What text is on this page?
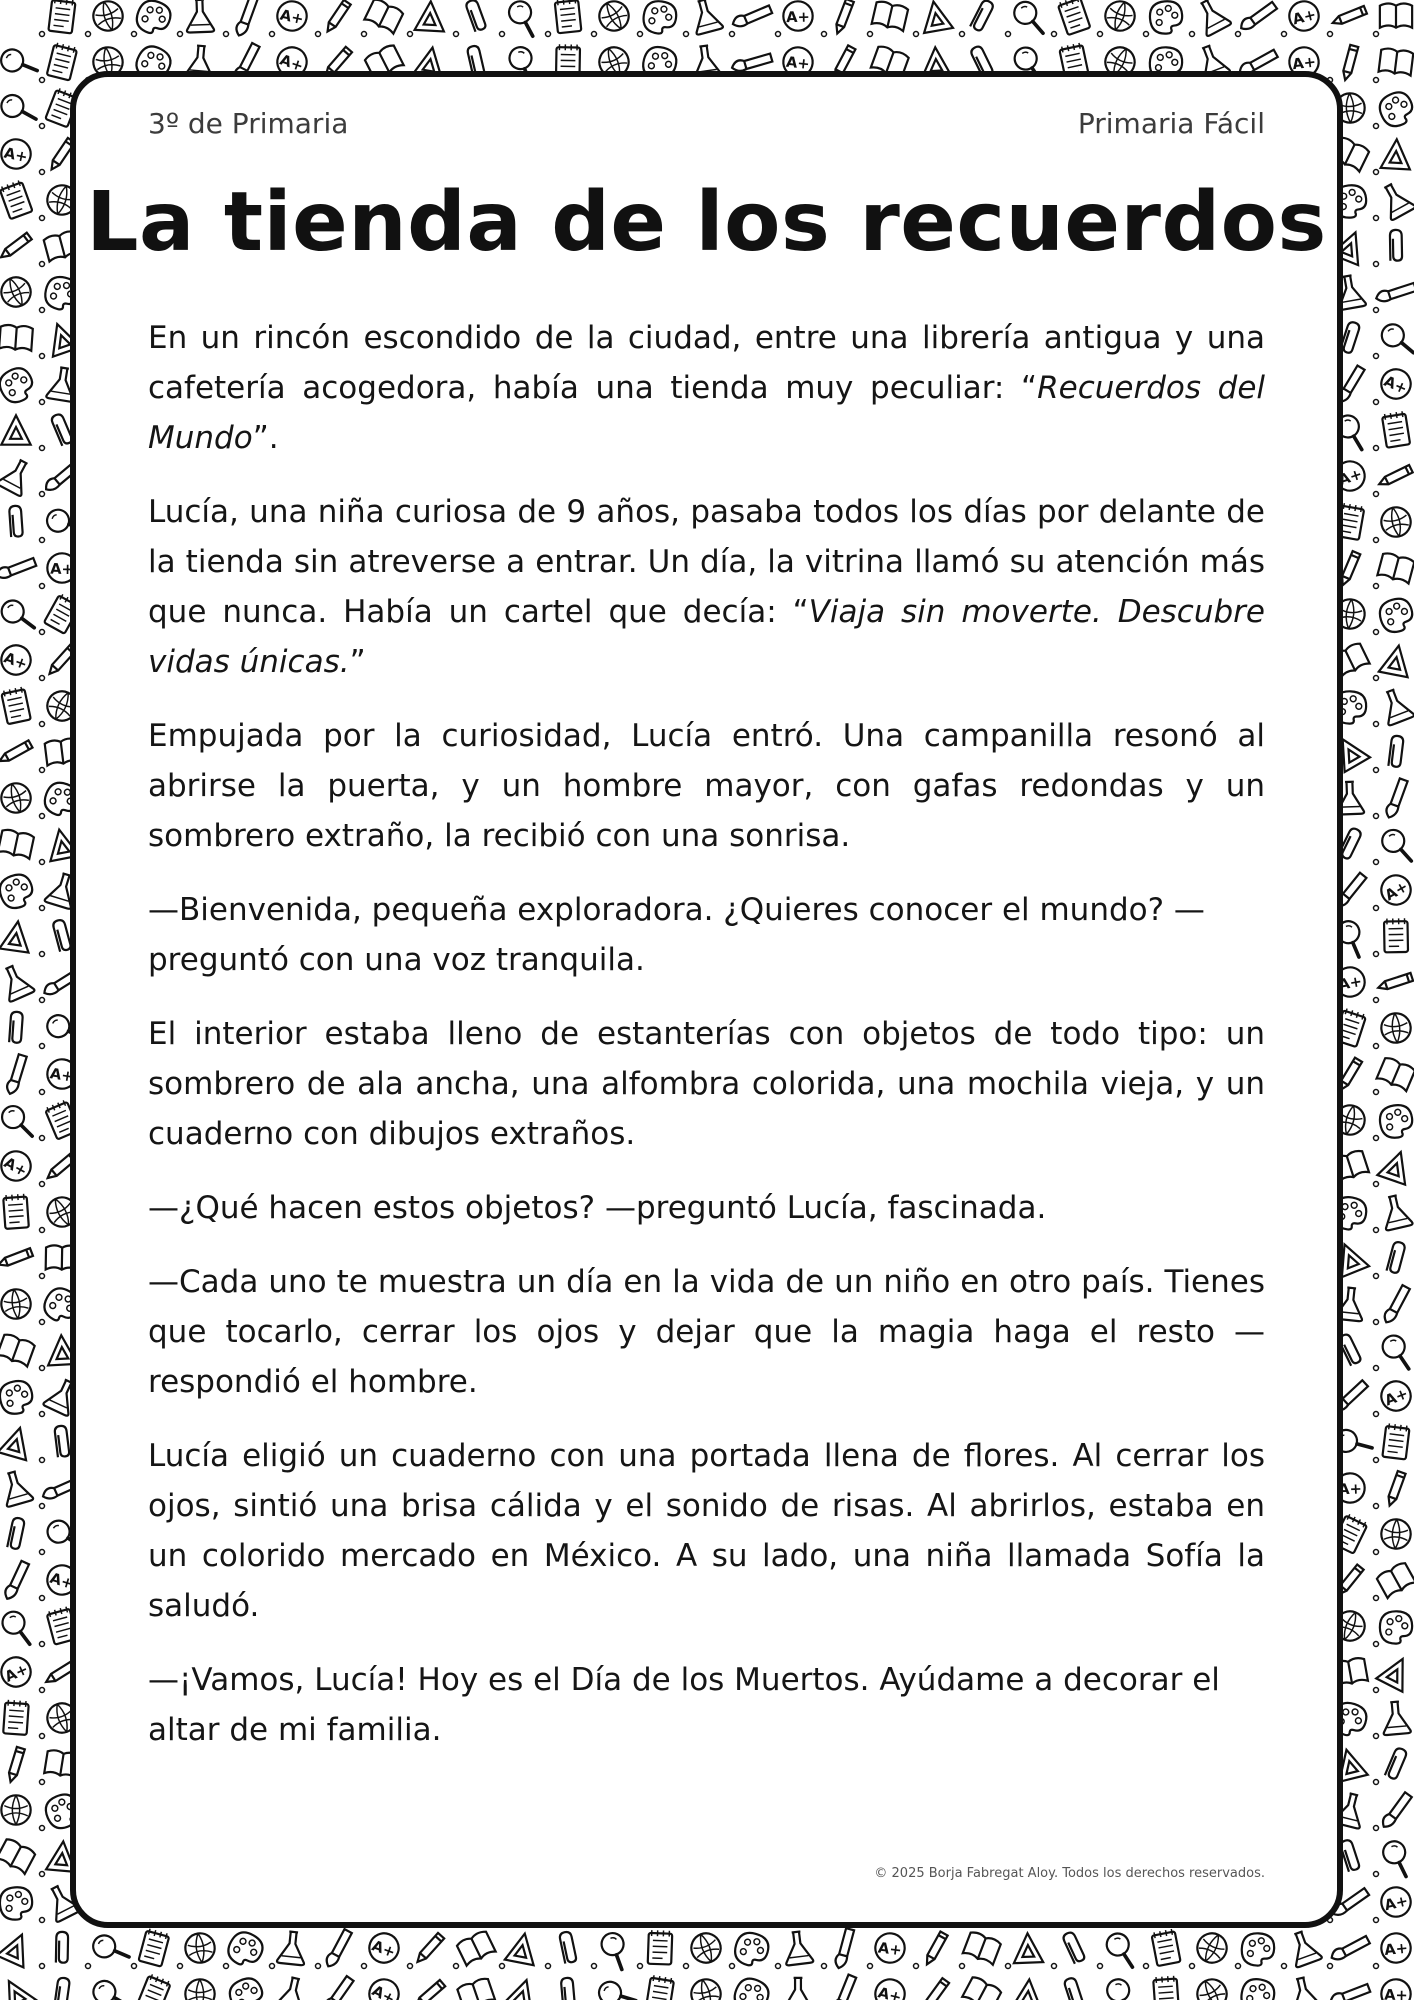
3º de Primaria	Primaria Fácil
La tienda de los recuerdos

En un rincón escondido de la ciudad, entre una librería antigua y una cafetería acogedora, había una tienda muy peculiar: “Recuerdos del Mundo”.

Lucía, una niña curiosa de 9 años, pasaba todos los días por delante de la tienda sin atreverse a entrar. Un día, la vitrina llamó su atención más que nunca. Había un cartel que decía: “Viaja sin moverte. Descubre vidas únicas.”

Empujada por la curiosidad, Lucía entró. Una campanilla resonó al abrirse la puerta, y un hombre mayor, con gafas redondas y un sombrero extraño, la recibió con una sonrisa.

—Bienvenida, pequeña exploradora. ¿Quieres conocer el mundo? —preguntó con una voz tranquila.

El interior estaba lleno de estanterías con objetos de todo tipo: un sombrero de ala ancha, una alfombra colorida, una mochila vieja, y un cuaderno con dibujos extraños.

—¿Qué hacen estos objetos? —preguntó Lucía, fascinada.

—Cada uno te muestra un día en la vida de un niño en otro país. Tienes que tocarlo, cerrar los ojos y dejar que la magia haga el resto —respondió el hombre.

Lucía eligió un cuaderno con una portada llena de flores. Al cerrar los ojos, sintió una brisa cálida y el sonido de risas. Al abrirlos, estaba en un colorido mercado en México. A su lado, una niña llamada Sofía la saludó.

—¡Vamos, Lucía! Hoy es el Día de los Muertos. Ayúdame a decorar el altar de mi familia.

© 2025 Borja Fabregat Aloy. Todos los derechos reservados.
